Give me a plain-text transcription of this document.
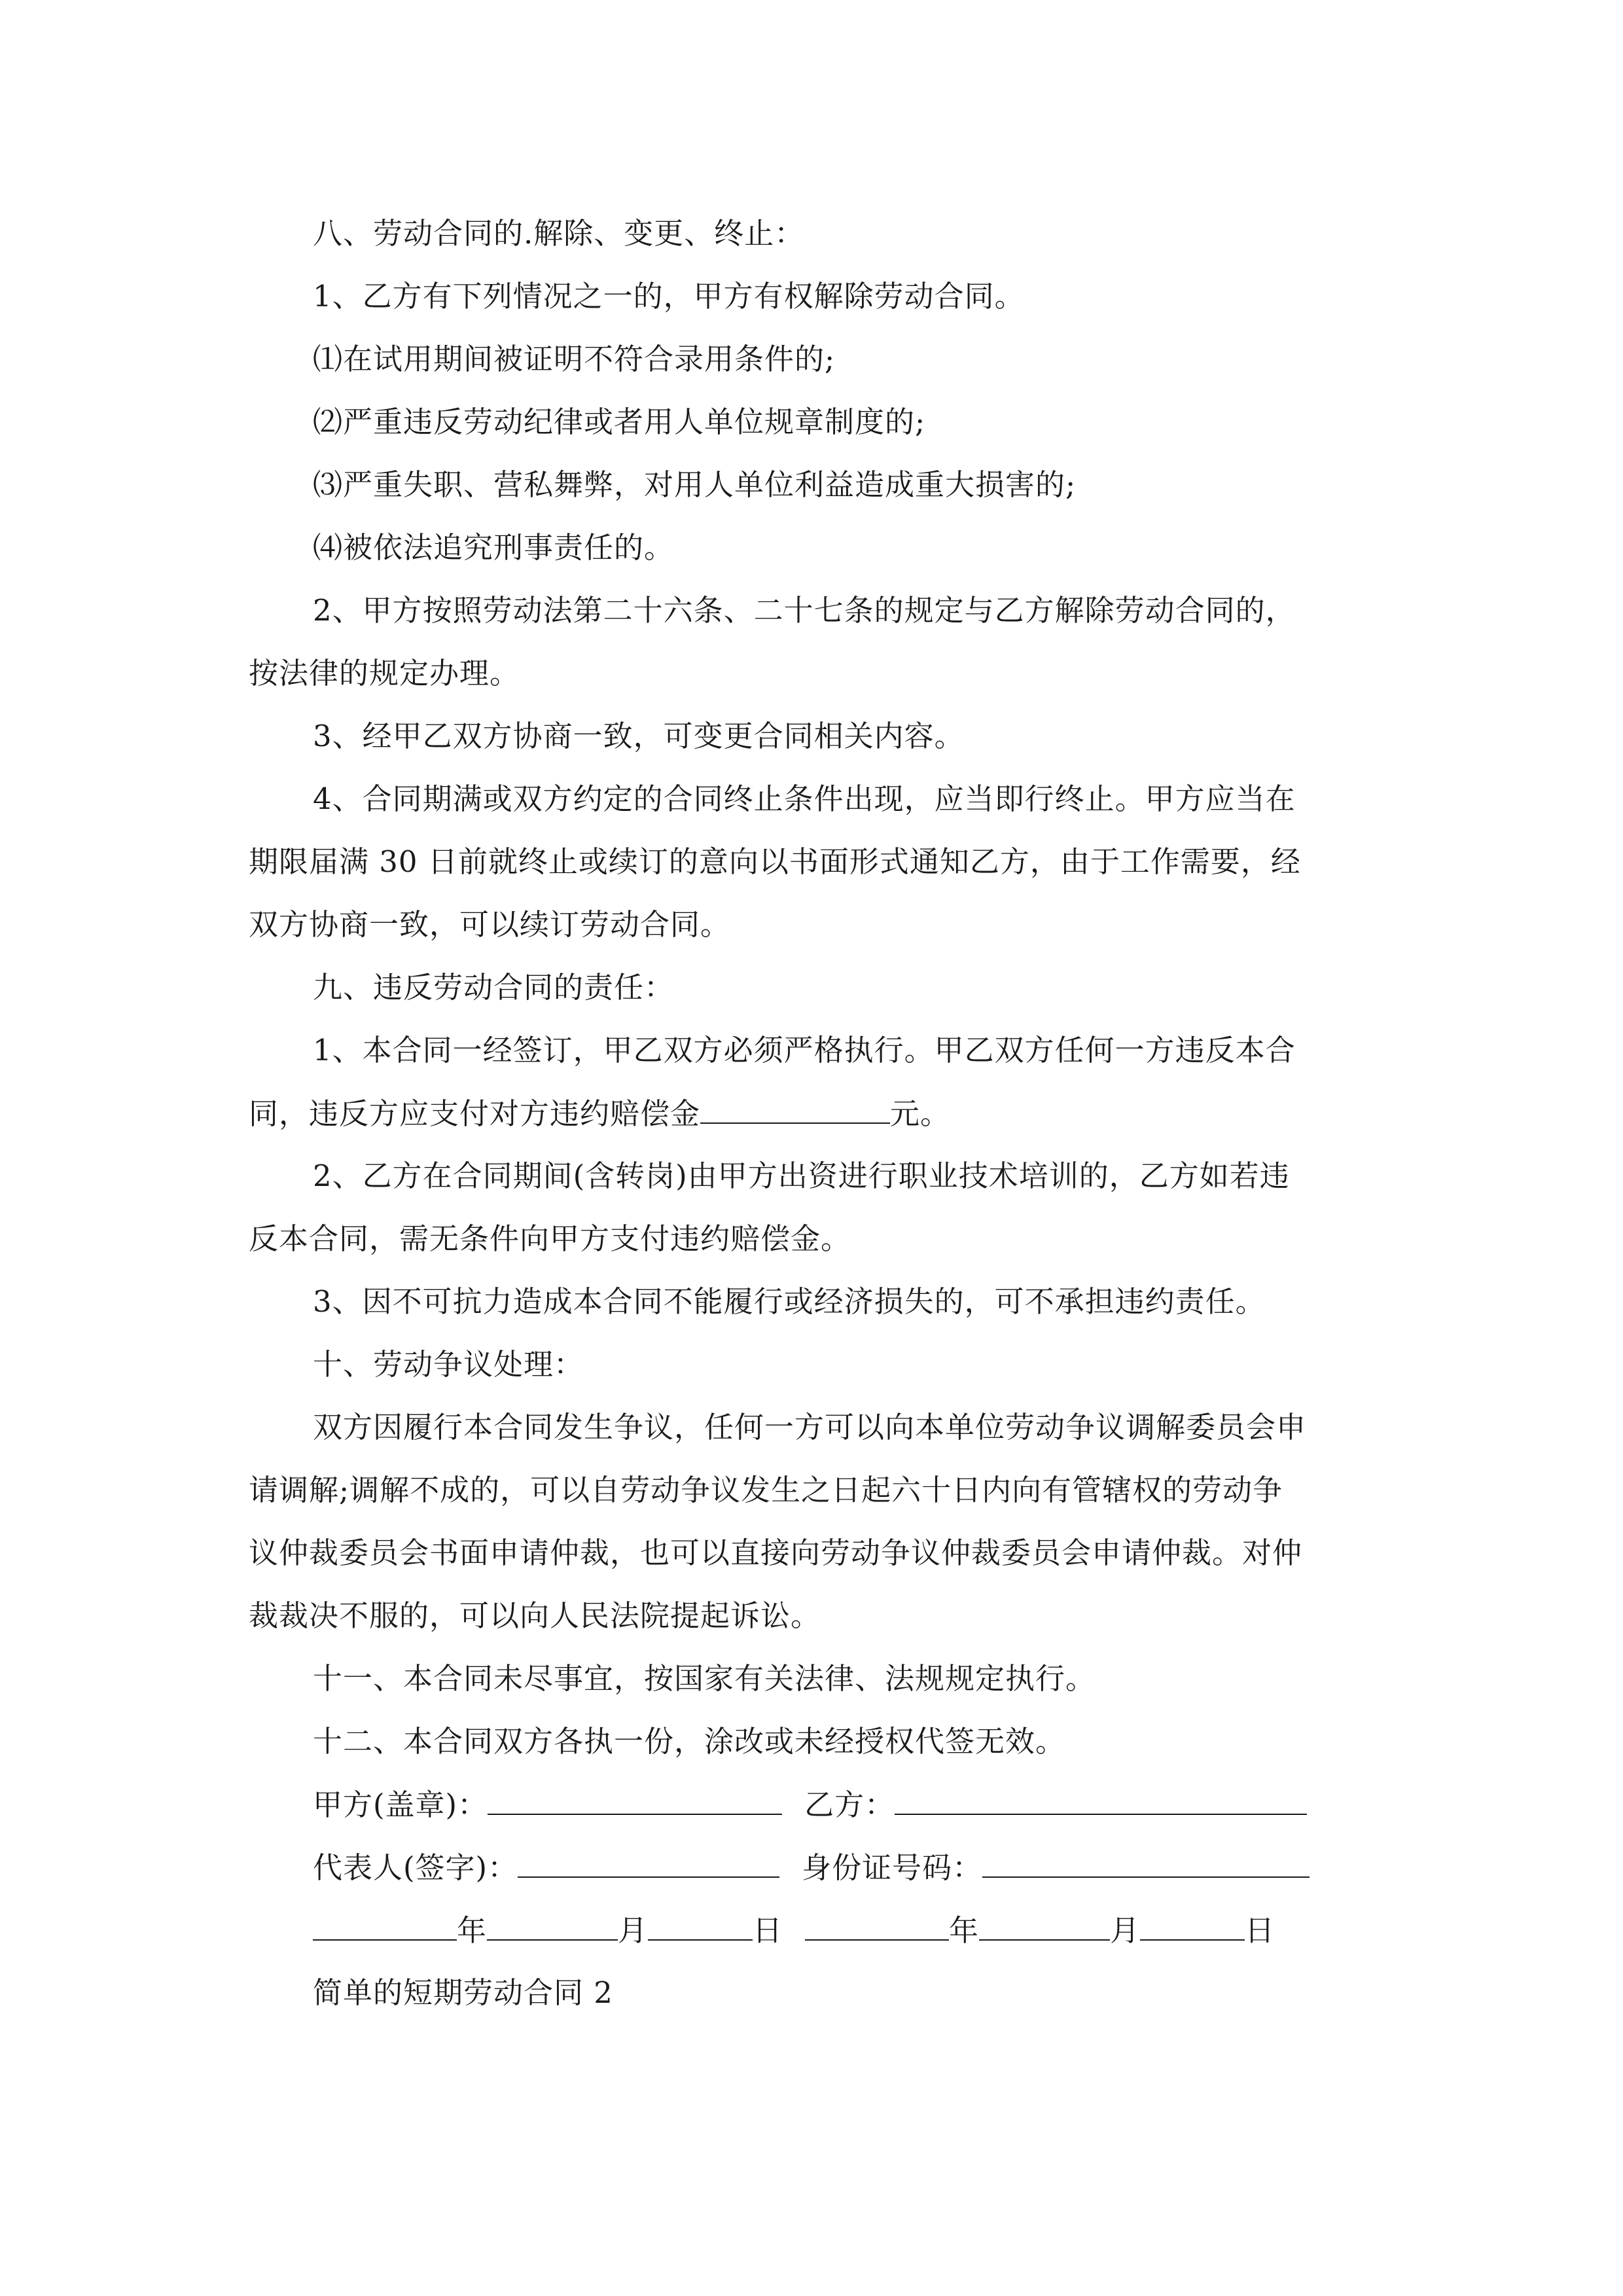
八、劳动合同的.解除、变更、终止：
1、乙方有下列情况之一的，甲方有权解除劳动合同。
⑴在试用期间被证明不符合录用条件的;
⑵严重违反劳动纪律或者用人单位规章制度的;
⑶严重失职、营私舞弊，对用人单位利益造成重大损害的;
⑷被依法追究刑事责任的。
2、甲方按照劳动法第二十六条、二十七条的规定与乙方解除劳动合同的，
按法律的规定办理。
3、经甲乙双方协商一致，可变更合同相关内容。
4、合同期满或双方约定的合同终止条件出现，应当即行终止。甲方应当在
期限届满 30 日前就终止或续订的意向以书面形式通知乙方，由于工作需要，经
双方协商一致，可以续订劳动合同。
九、违反劳动合同的责任：
1、本合同一经签订，甲乙双方必须严格执行。甲乙双方任何一方违反本合
同，违反方应支付对方违约赔偿金	元。
2、乙方在合同期间(含转岗)由甲方出资进行职业技术培训的，乙方如若违
反本合同，需无条件向甲方支付违约赔偿金。
3、因不可抗力造成本合同不能履行或经济损失的，可不承担违约责任。
十、劳动争议处理：
双方因履行本合同发生争议，任何一方可以向本单位劳动争议调解委员会申
请调解;调解不成的，可以自劳动争议发生之日起六十日内向有管辖权的劳动争
议仲裁委员会书面申请仲裁，也可以直接向劳动争议仲裁委员会申请仲裁。对仲
裁裁决不服的，可以向人民法院提起诉讼。
十一、本合同未尽事宜，按国家有关法律、法规规定执行。
十二、本合同双方各执一份，涂改或未经授权代签无效。
甲方(盖章)：	乙方：
代表人(签字)：	身份证号码：
年	月	日	年	月	日
简单的短期劳动合同 2
